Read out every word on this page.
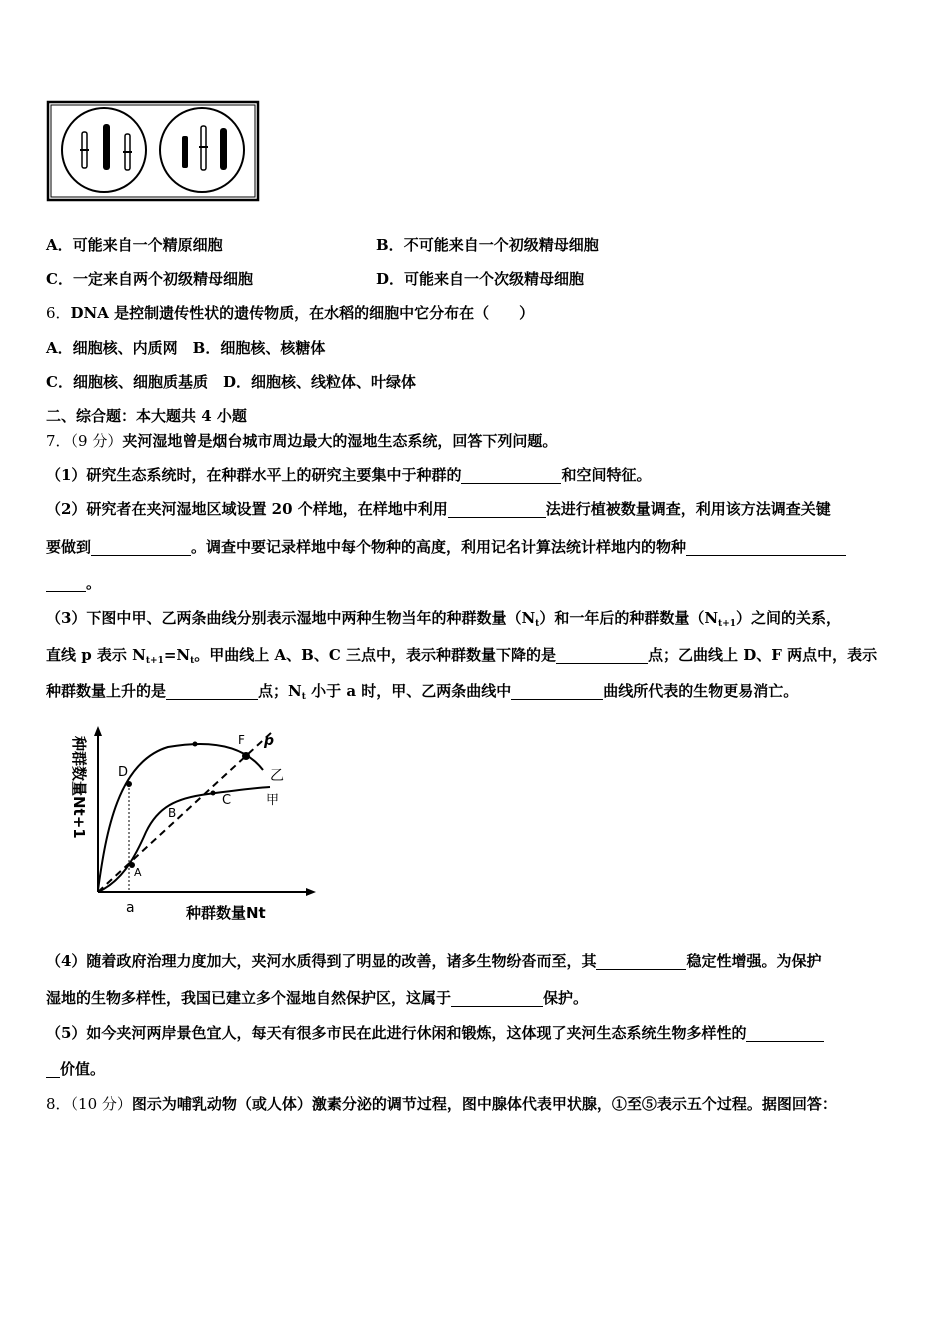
A．可能来自一个精原细胞	B．不可能来自一个初级精母细胞
C．一定来自两个初级精母细胞	D．可能来自一个次级精母细胞
6．DNA 是控制遗传性状的遗传物质，在水稻的细胞中它分布在（　　）
A．细胞核、内质网　 B．细胞核、核糖体
C．细胞核、细胞质基质　 D．细胞核、线粒体、叶绿体
二、综合题：本大题共 4 小题
7．（9 分）夹河湿地曾是烟台城市周边最大的湿地生态系统，回答下列问题。
（1）研究生态系统时，在种群水平上的研究主要集中于种群的	和空间特征。
（2）研究者在夹河湿地区域设置 20 个样地，在样地中利用	法进行植被数量调查，利用该方法调查关键
要做到	。调查中要记录样地中每个物种的高度，利用记名计算法统计样地内的物种
。
（3）下图中甲、乙两条曲线分别表示湿地中两种生物当年的种群数量$(N_t)$和一年后的种群数量$(N_{t+1})$之间的关系，
直线 p 表示 $N_{t+1}=N_t$。甲曲线上 A、B、C 三点中，表示种群数量下降的是	点；乙曲线上 D、F 两点中，表示
种群数量上升的是	点；$N_t$ 小于 a 时，甲、乙两条曲线中	曲线所代表的生物更易消亡。
D
A
B
C
F p
乙
甲
a	种群数量Nt
种群数量Nt+1
（4）随着政府治理力度加大，夹河水质得到了明显的改善，诸多生物纷沓而至，其	稳定性增强。为保护
湿地的生物多样性，我国已建立多个湿地自然保护区，这属于	保护。
（5）如今夹河两岸景色宜人，每天有很多市民在此进行休闲和锻炼，这体现了夹河生态系统生物多样性的
价值。
8．（10 分）图示为哺乳动物（或人体）激素分泌的调节过程，图中腺体代表甲状腺，①至⑤表示五个过程。据图回答：
